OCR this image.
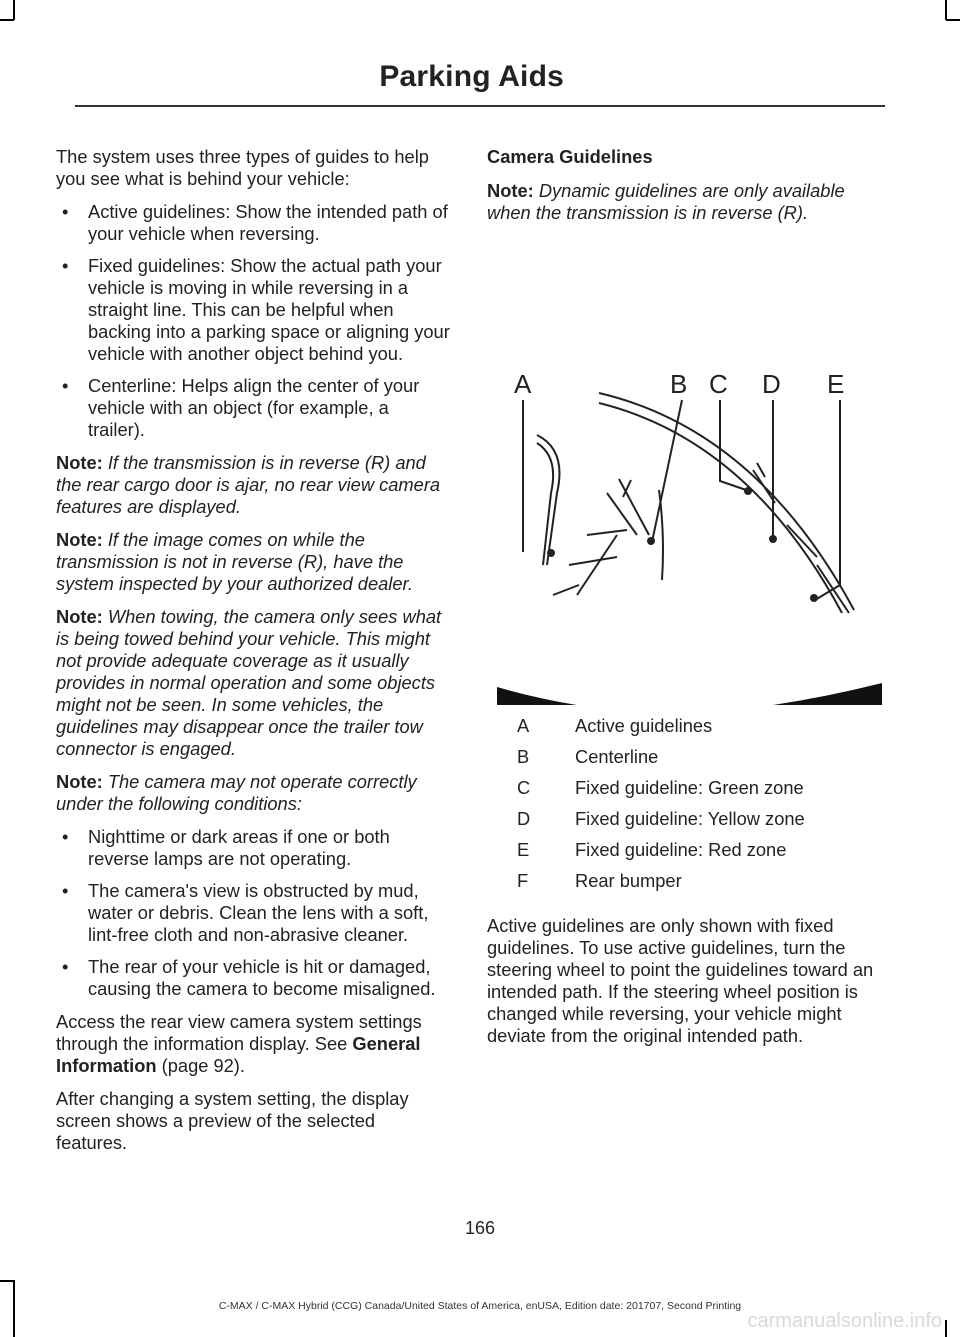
Parking Aids

The system uses three types of guides to help you see what is behind your vehicle:

• Active guidelines: Show the intended path of your vehicle when reversing.
• Fixed guidelines: Show the actual path your vehicle is moving in while reversing in a straight line. This can be helpful when backing into a parking space or aligning your vehicle with another object behind you.
• Centerline: Helps align the center of your vehicle with an object (for example, a trailer).

Note: If the transmission is in reverse (R) and the rear cargo door is ajar, no rear view camera features are displayed.

Note: If the image comes on while the transmission is not in reverse (R), have the system inspected by your authorized dealer.

Note: When towing, the camera only sees what is being towed behind your vehicle. This might not provide adequate coverage as it usually provides in normal operation and some objects might not be seen. In some vehicles, the guidelines may disappear once the trailer tow connector is engaged.

Note: The camera may not operate correctly under the following conditions:

• Nighttime or dark areas if one or both reverse lamps are not operating.
• The camera's view is obstructed by mud, water or debris. Clean the lens with a soft, lint-free cloth and non-abrasive cleaner.
• The rear of your vehicle is hit or damaged, causing the camera to become misaligned.

Access the rear view camera system settings through the information display. See General Information (page 92).

After changing a system setting, the display screen shows a preview of the selected features.

Camera Guidelines

Note: Dynamic guidelines are only available when the transmission is in reverse (R).

A	B C D E
A	Active guidelines
B	Centerline
C	Fixed guideline: Green zone
D	Fixed guideline: Yellow zone
E	Fixed guideline: Red zone
F	Rear bumper

Active guidelines are only shown with fixed guidelines. To use active guidelines, turn the steering wheel to point the guidelines toward an intended path. If the steering wheel position is changed while reversing, your vehicle might deviate from the original intended path.

166
C-MAX / C-MAX Hybrid (CCG) Canada/United States of America, enUSA, Edition date: 201707, Second Printing
carmanualsonline.info
